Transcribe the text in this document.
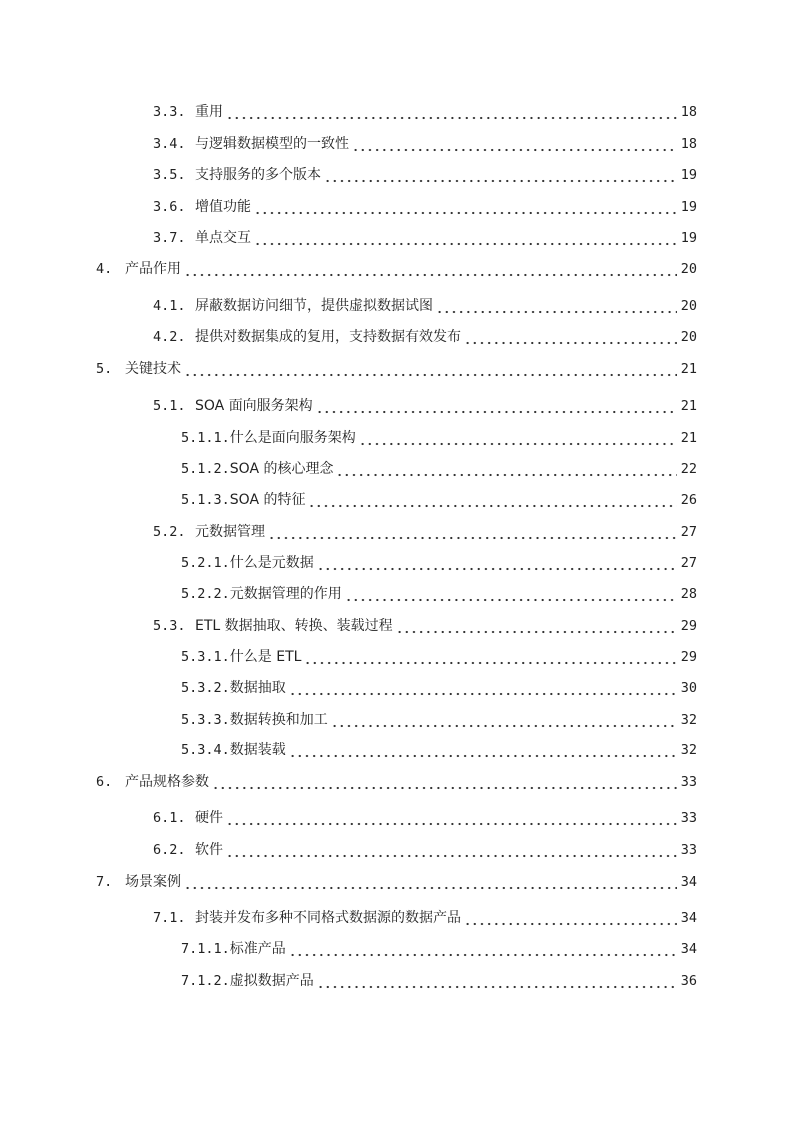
3.3. 重用	18
3.4. 与逻辑数据模型的一致性	18
3.5. 支持服务的多个版本	19
3.6. 增值功能	19
3.7. 单点交互	19
4. 产品作用	20
4.1. 屏蔽数据访问细节，提供虚拟数据试图	20
4.2. 提供对数据集成的复用，支持数据有效发布	20
5. 关键技术	21
5.1. SOA 面向服务架构	21
5.1.1. 什么是面向服务架构	21
5.1.2. SOA 的核心理念	22
5.1.3. SOA 的特征	26
5.2. 元数据管理	27
5.2.1. 什么是元数据	27
5.2.2. 元数据管理的作用	28
5.3. ETL 数据抽取、转换、装载过程	29
5.3.1. 什么是 ETL	29
5.3.2. 数据抽取	30
5.3.3. 数据转换和加工	32
5.3.4. 数据装载	32
6. 产品规格参数	33
6.1. 硬件	33
6.2. 软件	33
7. 场景案例	34
7.1. 封装并发布多种不同格式数据源的数据产品	34
7.1.1. 标准产品	34
7.1.2. 虚拟数据产品	36
